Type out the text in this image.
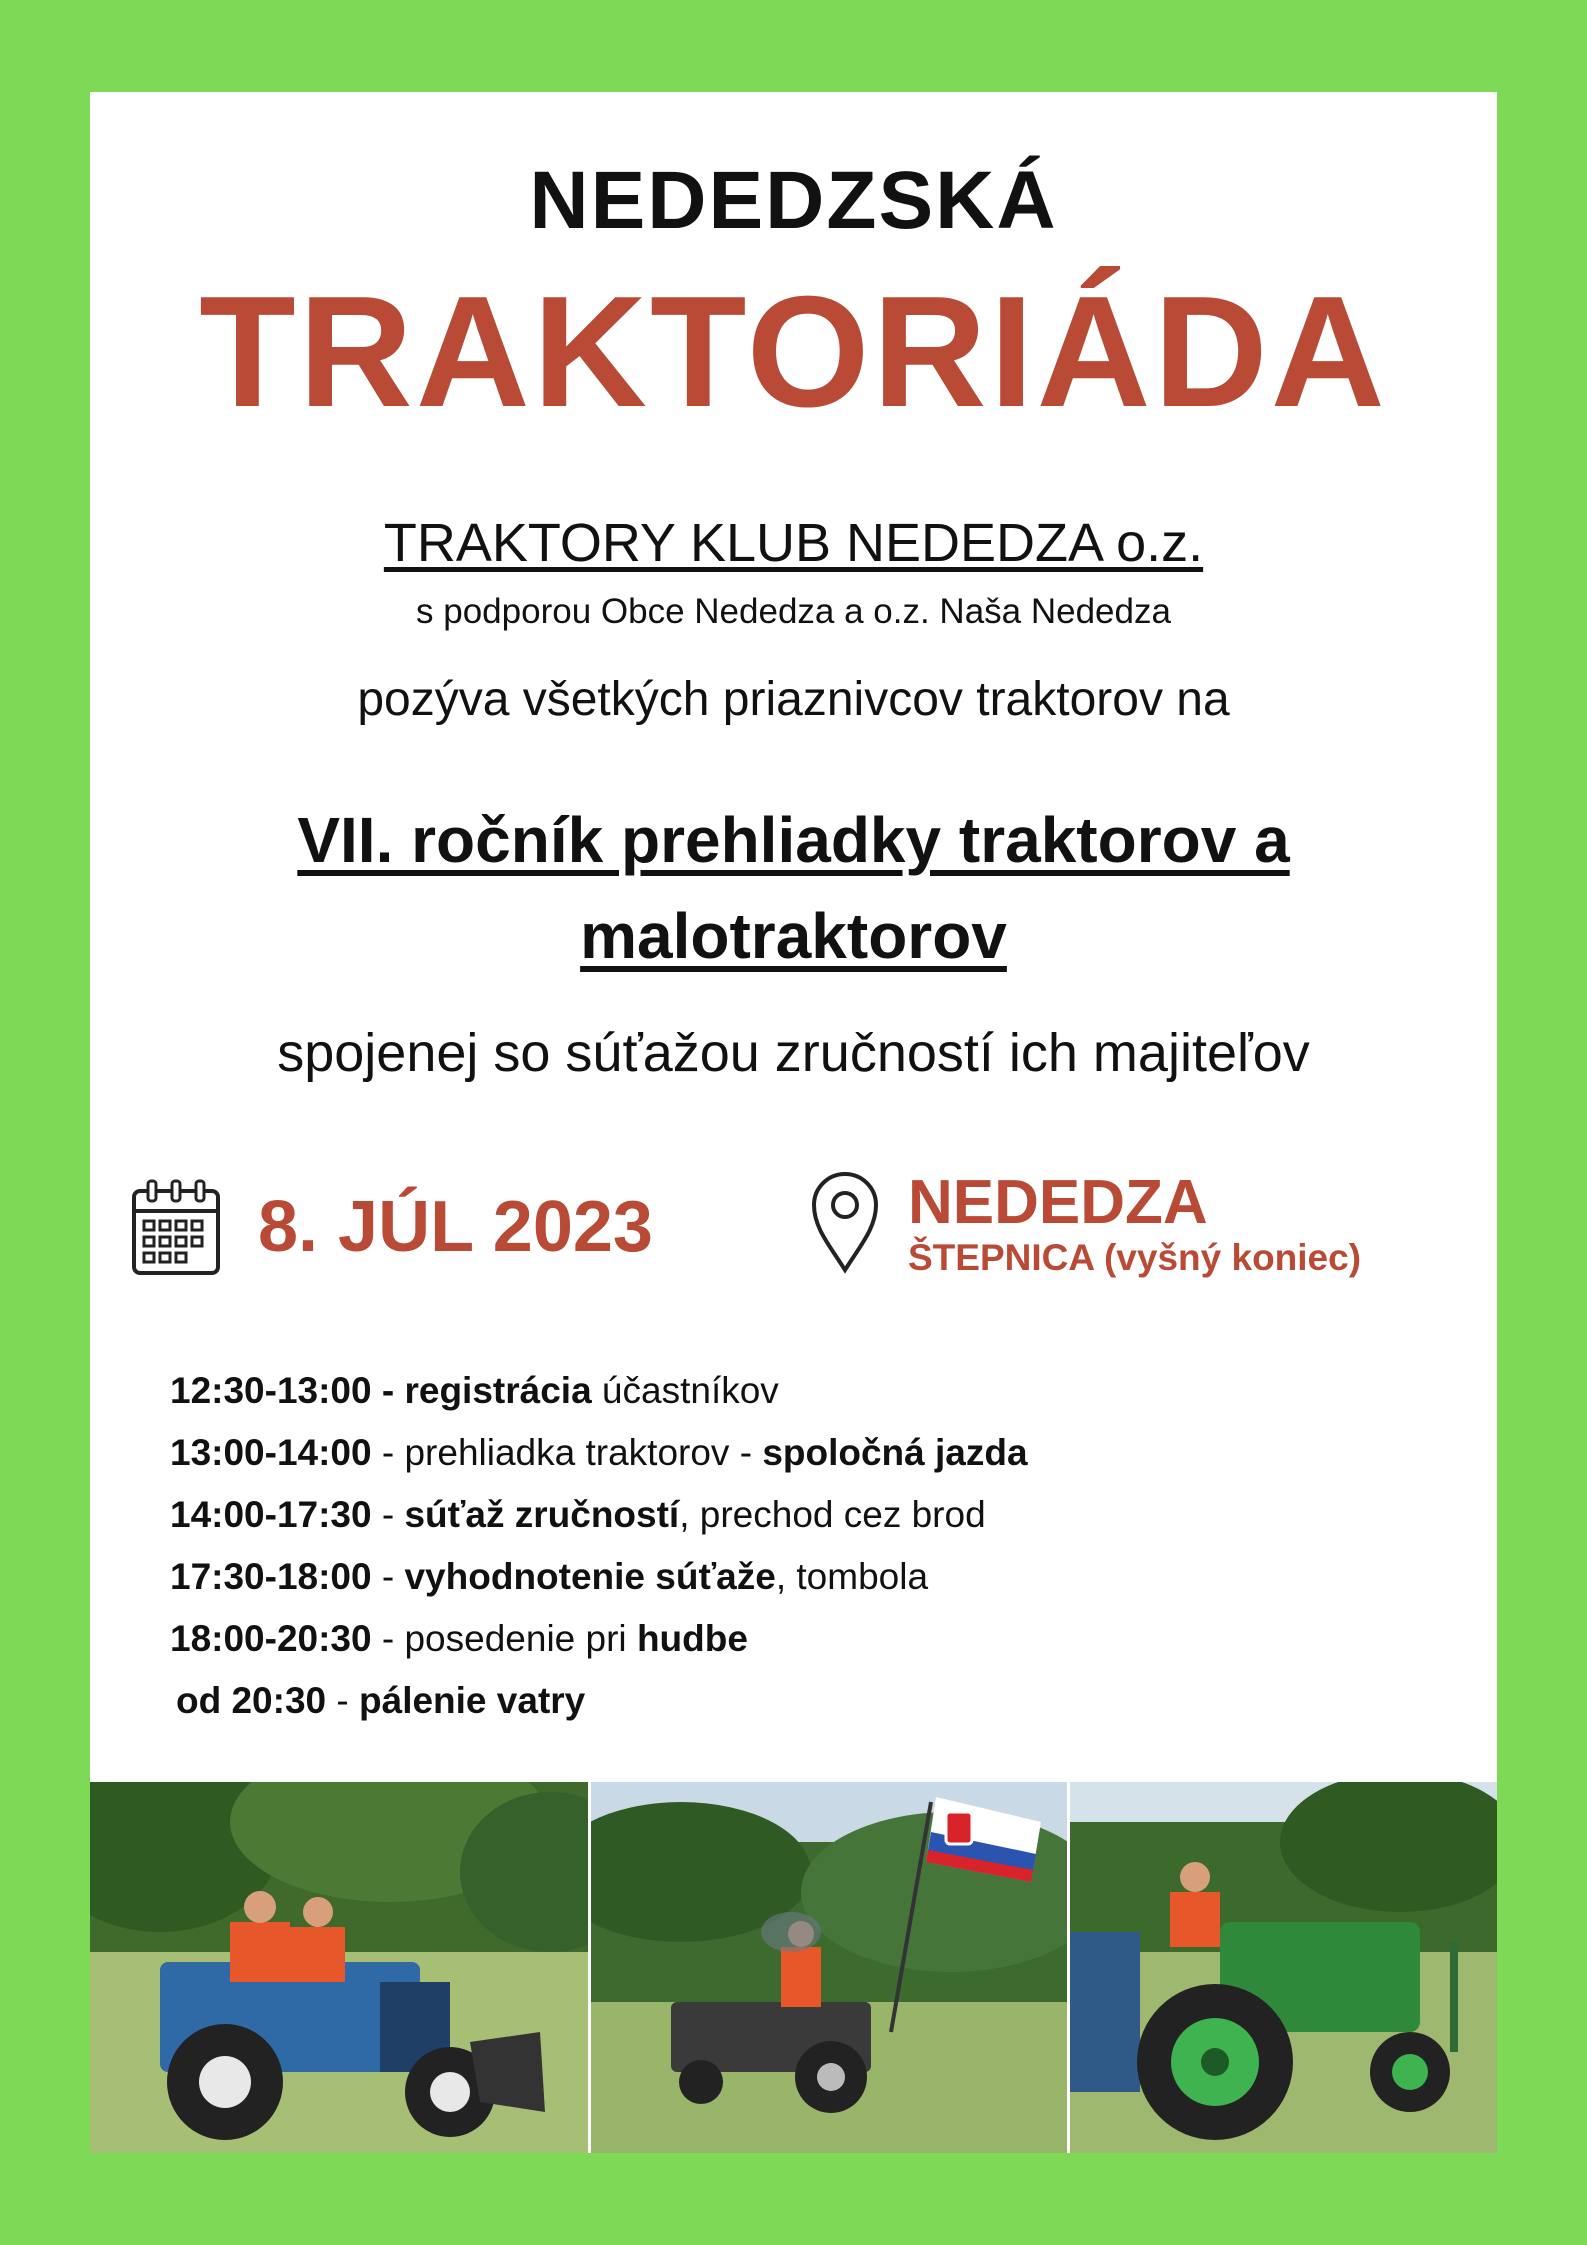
NEDEDZSKÁ
TRAKTORIÁDA
TRAKTORY KLUB NEDEDZA o.z.
s podporou Obce Nededza a o.z. Naša Nededza
pozýva všetkých priaznivcov traktorov na
VII. ročník prehliadky traktorov a
malotraktorov
spojenej so súťažou zručností ich majiteľov
8. JÚL 2023	NEDEDZA
ŠTEPNICA (vyšný koniec)
12:30-13:00 - registrácia účastníkov
13:00-14:00 - prehliadka traktorov - spoločná jazda
14:00-17:30 - súťaž zručností, prechod cez brod
17:30-18:00 - vyhodnotenie súťaže, tombola
18:00-20:30 - posedenie pri hudbe
od 20:30 - pálenie vatry
